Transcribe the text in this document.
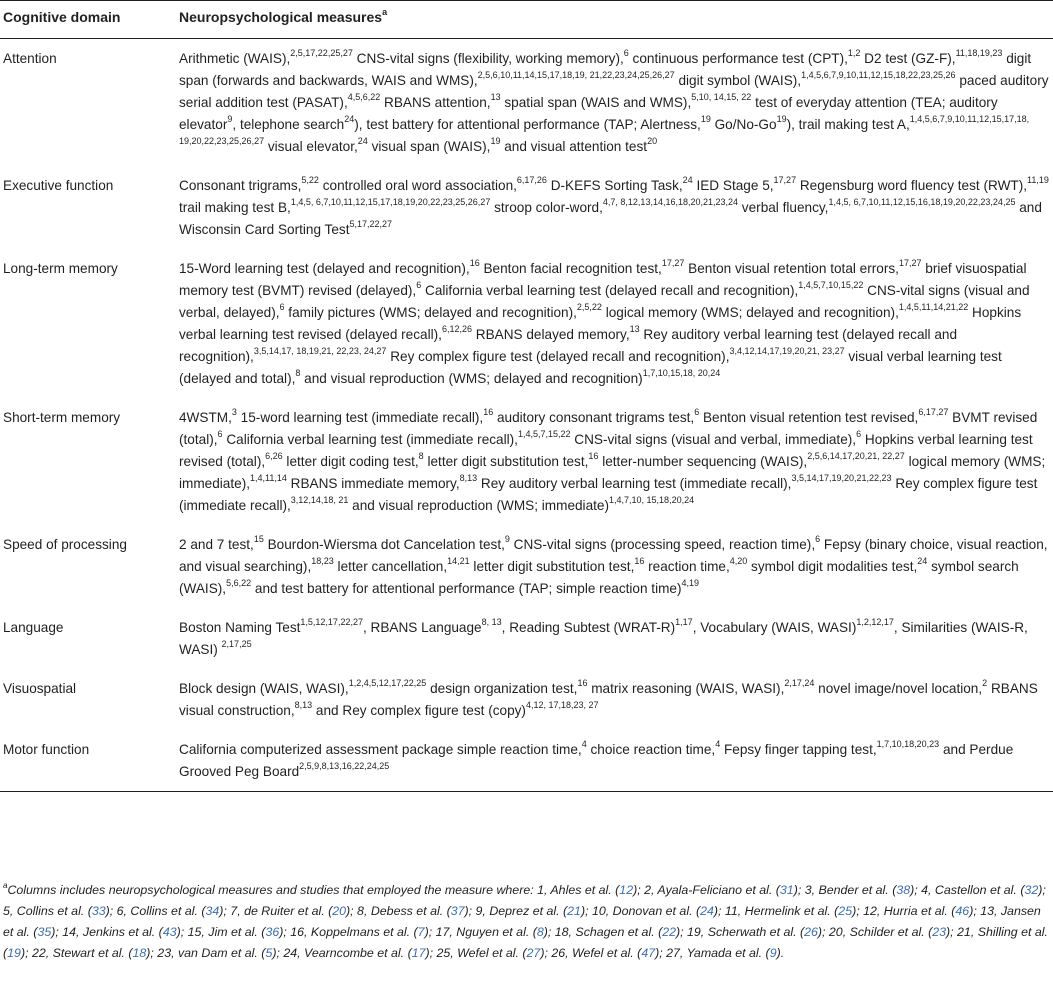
Cognitive domain	Neuropsychological measures$^a$
Attention	Arithmetic (WAIS),$^{2,5,17,22,25,27}$ CNS-vital signs (flexibility, working memory),$^6$ continuous performance test (CPT),$^{1,2}$ D2 test (GZ-F),$^{11,18,19,23}$ digit span (forwards and backwards, WAIS and WMS),$^{2,5,6,10,11,14,15,17,18,19, 21,22,23,24,25,26,27}$ digit symbol (WAIS),$^{1,4,5,6,7,9,10,11,12,15,18,22,23,25,26}$ paced auditory serial addition test (PASAT),$^{4,5,6,22}$ RBANS attention,$^{13}$ spatial span (WAIS and WMS),$^{5,10, 14,15, 22}$ test of everyday attention (TEA; auditory elevator$^9$, telephone search$^{24}$), test battery for attentional performance (TAP; Alertness,$^{19}$ Go/No-Go$^{19}$), trail making test A,$^{1,4,5,6,7,9,10,11,12,15,17,18, 19,20,22,23,25,26,27}$ visual elevator,$^{24}$ visual span (WAIS),$^{19}$ and visual attention test$^{20}$
Executive function	Consonant trigrams,$^{5,22}$ controlled oral word association,$^{6,17,26}$ D-KEFS Sorting Task,$^{24}$ IED Stage 5,$^{17,27}$ Regensburg word fluency test (RWT),$^{11,19}$ trail making test B,$^{1,4,5, 6,7,10,11,12,15,17,18,19,20,22,23,25,26,27}$ stroop color-word,$^{4,7, 8,12,13,14,16,18,20,21,23,24}$ verbal fluency,$^{1,4,5, 6,7,10,11,12,15,16,18,19,20,22,23,24,25}$ and Wisconsin Card Sorting Test$^{5,17,22,27}$
Long-term memory	15-Word learning test (delayed and recognition),$^{16}$ Benton facial recognition test,$^{17,27}$ Benton visual retention total errors,$^{17,27}$ brief visuospatial memory test (BVMT) revised (delayed),$^6$ California verbal learning test (delayed recall and recognition),$^{1,4,5,7,10,15,22}$ CNS-vital signs (visual and verbal, delayed),$^6$ family pictures (WMS; delayed and recognition),$^{2,5,22}$ logical memory (WMS; delayed and recognition),$^{1,4,5,11,14,21,22}$ Hopkins verbal learning test revised (delayed recall),$^{6,12,26}$ RBANS delayed memory,$^{13}$ Rey auditory verbal learning test (delayed recall and recognition),$^{3,5,14,17, 18,19,21, 22,23, 24,27}$ Rey complex figure test (delayed recall and recognition),$^{3,4,12,14,17,19,20,21, 23,27}$ visual verbal learning test (delayed and total),$^8$ and visual reproduction (WMS; delayed and recognition)$^{1,7,10,15,18, 20,24}$
Short-term memory	4WSTM,$^3$ 15-word learning test (immediate recall),$^{16}$ auditory consonant trigrams test,$^6$ Benton visual retention test revised,$^{6,17,27}$ BVMT revised (total),$^6$ California verbal learning test (immediate recall),$^{1,4,5,7,15,22}$ CNS-vital signs (visual and verbal, immediate),$^6$ Hopkins verbal learning test revised (total),$^{6,26}$ letter digit coding test,$^8$ letter digit substitution test,$^{16}$ letter-number sequencing (WAIS),$^{2,5,6,14,17,20,21, 22,27}$ logical memory (WMS; immediate),$^{1,4,11,14}$ RBANS immediate memory,$^{8,13}$ Rey auditory verbal learning test (immediate recall),$^{3,5,14,17,19,20,21,22,23}$ Rey complex figure test (immediate recall),$^{3,12,14,18, 21}$ and visual reproduction (WMS; immediate)$^{1,4,7,10, 15,18,20,24}$
Speed of processing	2 and 7 test,$^{15}$ Bourdon-Wiersma dot Cancelation test,$^9$ CNS-vital signs (processing speed, reaction time),$^6$ Fepsy (binary choice, visual reaction, and visual searching),$^{18,23}$ letter cancellation,$^{14,21}$ letter digit substitution test,$^{16}$ reaction time,$^{4,20}$ symbol digit modalities test,$^{24}$ symbol search (WAIS),$^{5,6,22}$ and test battery for attentional performance (TAP; simple reaction time)$^{4,19}$
Language	Boston Naming Test$^{1,5,12,17,22,27}$, RBANS Language$^{8, 13}$, Reading Subtest (WRAT-R)$^{1,17}$, Vocabulary (WAIS, WASI)$^{1,2,12,17}$, Similarities (WAIS-R, WASI) $^{2,17,25}$
Visuospatial	Block design (WAIS, WASI),$^{1,2,4,5,12,17,22,25}$ design organization test,$^{16}$ matrix reasoning (WAIS, WASI),$^{2,17,24}$ novel image/novel location,$^2$ RBANS visual construction,$^{8,13}$ and Rey complex figure test (copy)$^{4,12, 17,18,23, 27}$
Motor function	California computerized assessment package simple reaction time,$^4$ choice reaction time,$^4$ Fepsy finger tapping test,$^{1,7,10,18,20,23}$ and Perdue Grooved Peg Board$^{2,5,9,8,13,16,22,24,25}$
$^a$Columns includes neuropsychological measures and studies that employed the measure where: 1, Ahles et al. (12); 2, Ayala-Feliciano et al. (31); 3, Bender et al. (38); 4, Castellon et al. (32); 5, Collins et al. (33); 6, Collins et al. (34); 7, de Ruiter et al. (20); 8, Debess et al. (37); 9, Deprez et al. (21); 10, Donovan et al. (24); 11, Hermelink et al. (25); 12, Hurria et al. (46); 13, Jansen et al. (35); 14, Jenkins et al. (43); 15, Jim et al. (36); 16, Koppelmans et al. (7); 17, Nguyen et al. (8); 18, Schagen et al. (22); 19, Scherwath et al. (26); 20, Schilder et al. (23); 21, Shilling et al. (19); 22, Stewart et al. (18); 23, van Dam et al. (5); 24, Vearncombe et al. (17); 25, Wefel et al. (27); 26, Wefel et al. (47); 27, Yamada et al. (9).
